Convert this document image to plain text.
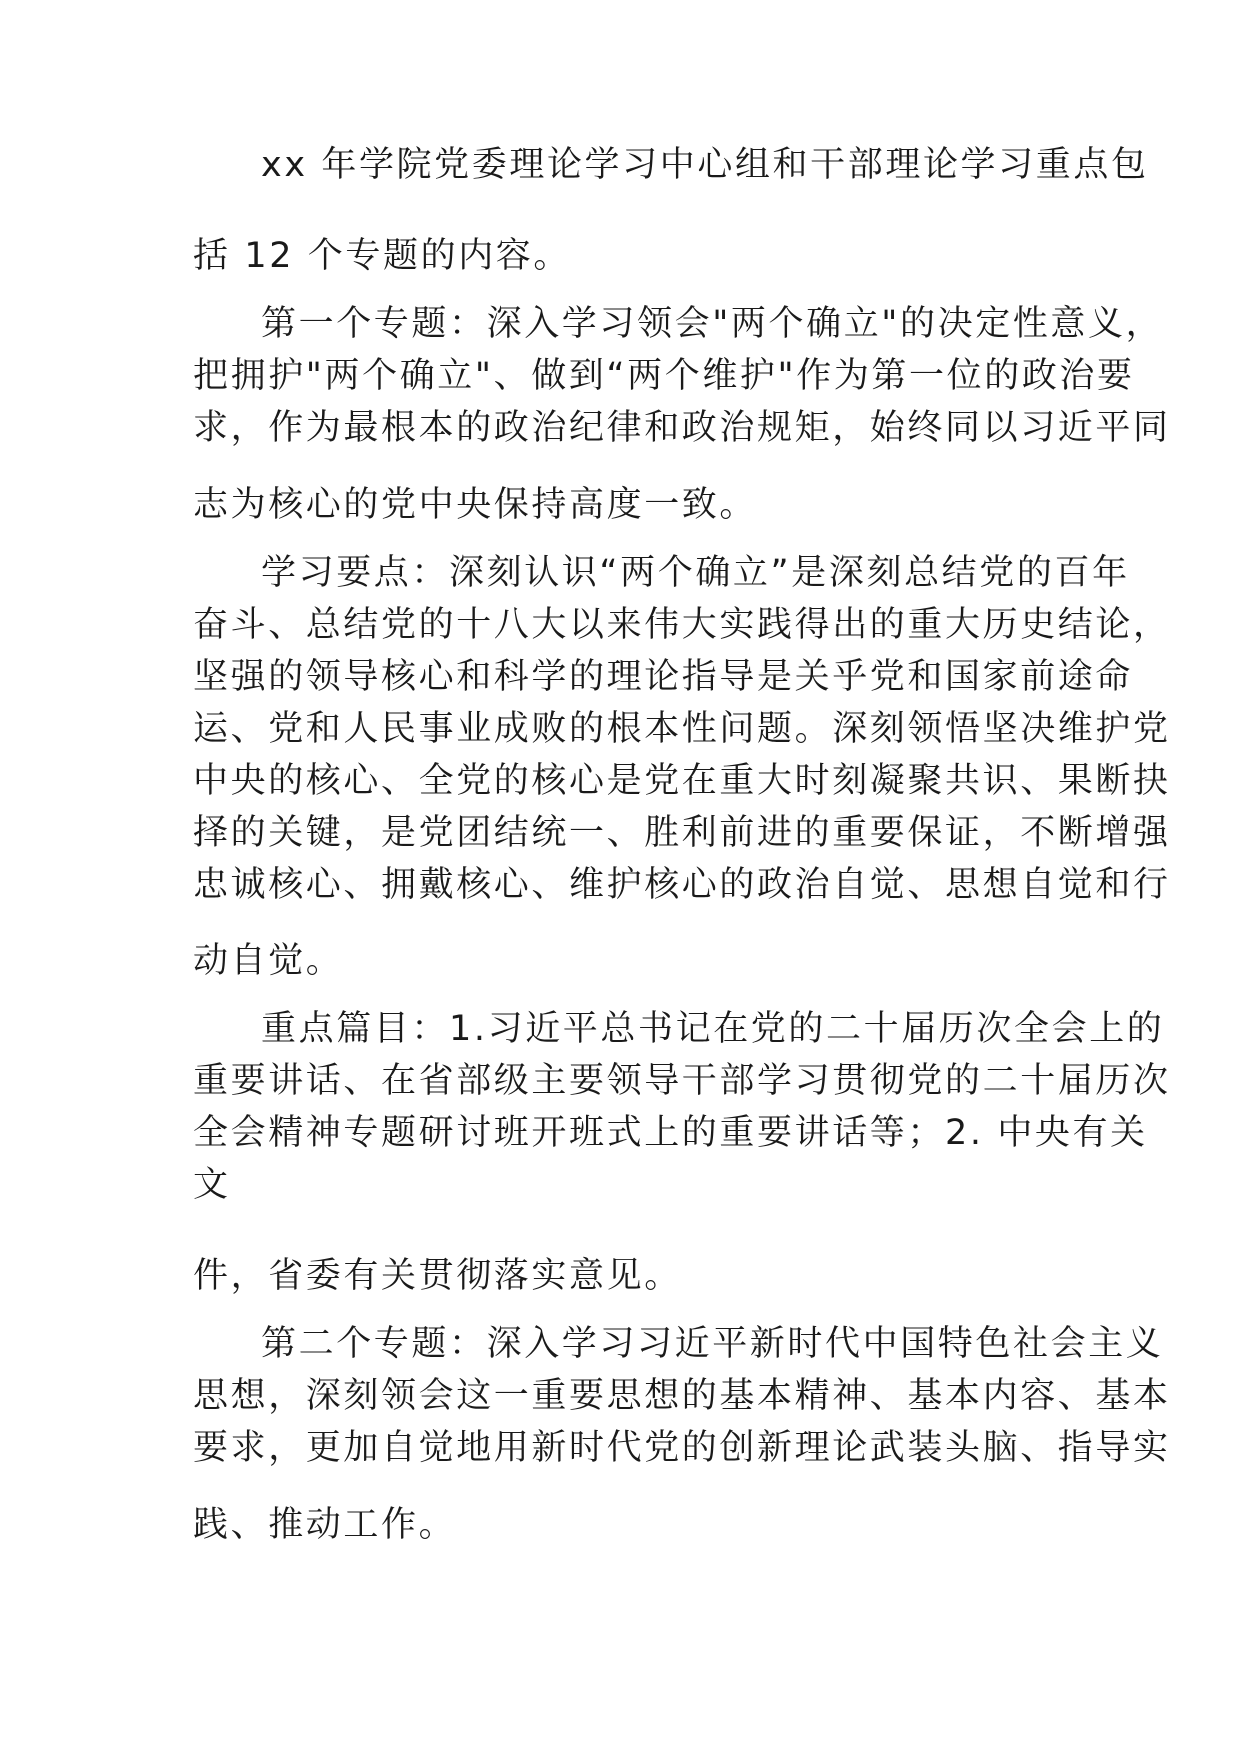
xx 年学院党委理论学习中心组和干部理论学习重点包
括 12 个专题的内容。
第一个专题：深入学习领会"两个确立"的决定性意义，
把拥护"两个确立"、做到“两个维护"作为第一位的政治要
求，作为最根本的政治纪律和政治规矩，始终同以习近平同
志为核心的党中央保持高度一致。
学习要点：深刻认识“两个确立”是深刻总结党的百年
奋斗、总结党的十八大以来伟大实践得出的重大历史结论，
坚强的领导核心和科学的理论指导是关乎党和国家前途命
运、党和人民事业成败的根本性问题。深刻领悟坚决维护党
中央的核心、全党的核心是党在重大时刻凝聚共识、果断抉
择的关键，是党团结统一、胜利前进的重要保证，不断增强
忠诚核心、拥戴核心、维护核心的政治自觉、思想自觉和行
动自觉。
重点篇目：1.习近平总书记在党的二十届历次全会上的
重要讲话、在省部级主要领导干部学习贯彻党的二十届历次
全会精神专题研讨班开班式上的重要讲话等；2. 中央有关
文
件，省委有关贯彻落实意见。
第二个专题：深入学习习近平新时代中国特色社会主义
思想，深刻领会这一重要思想的基本精神、基本内容、基本
要求，更加自觉地用新时代党的创新理论武装头脑、指导实
践、推动工作。
